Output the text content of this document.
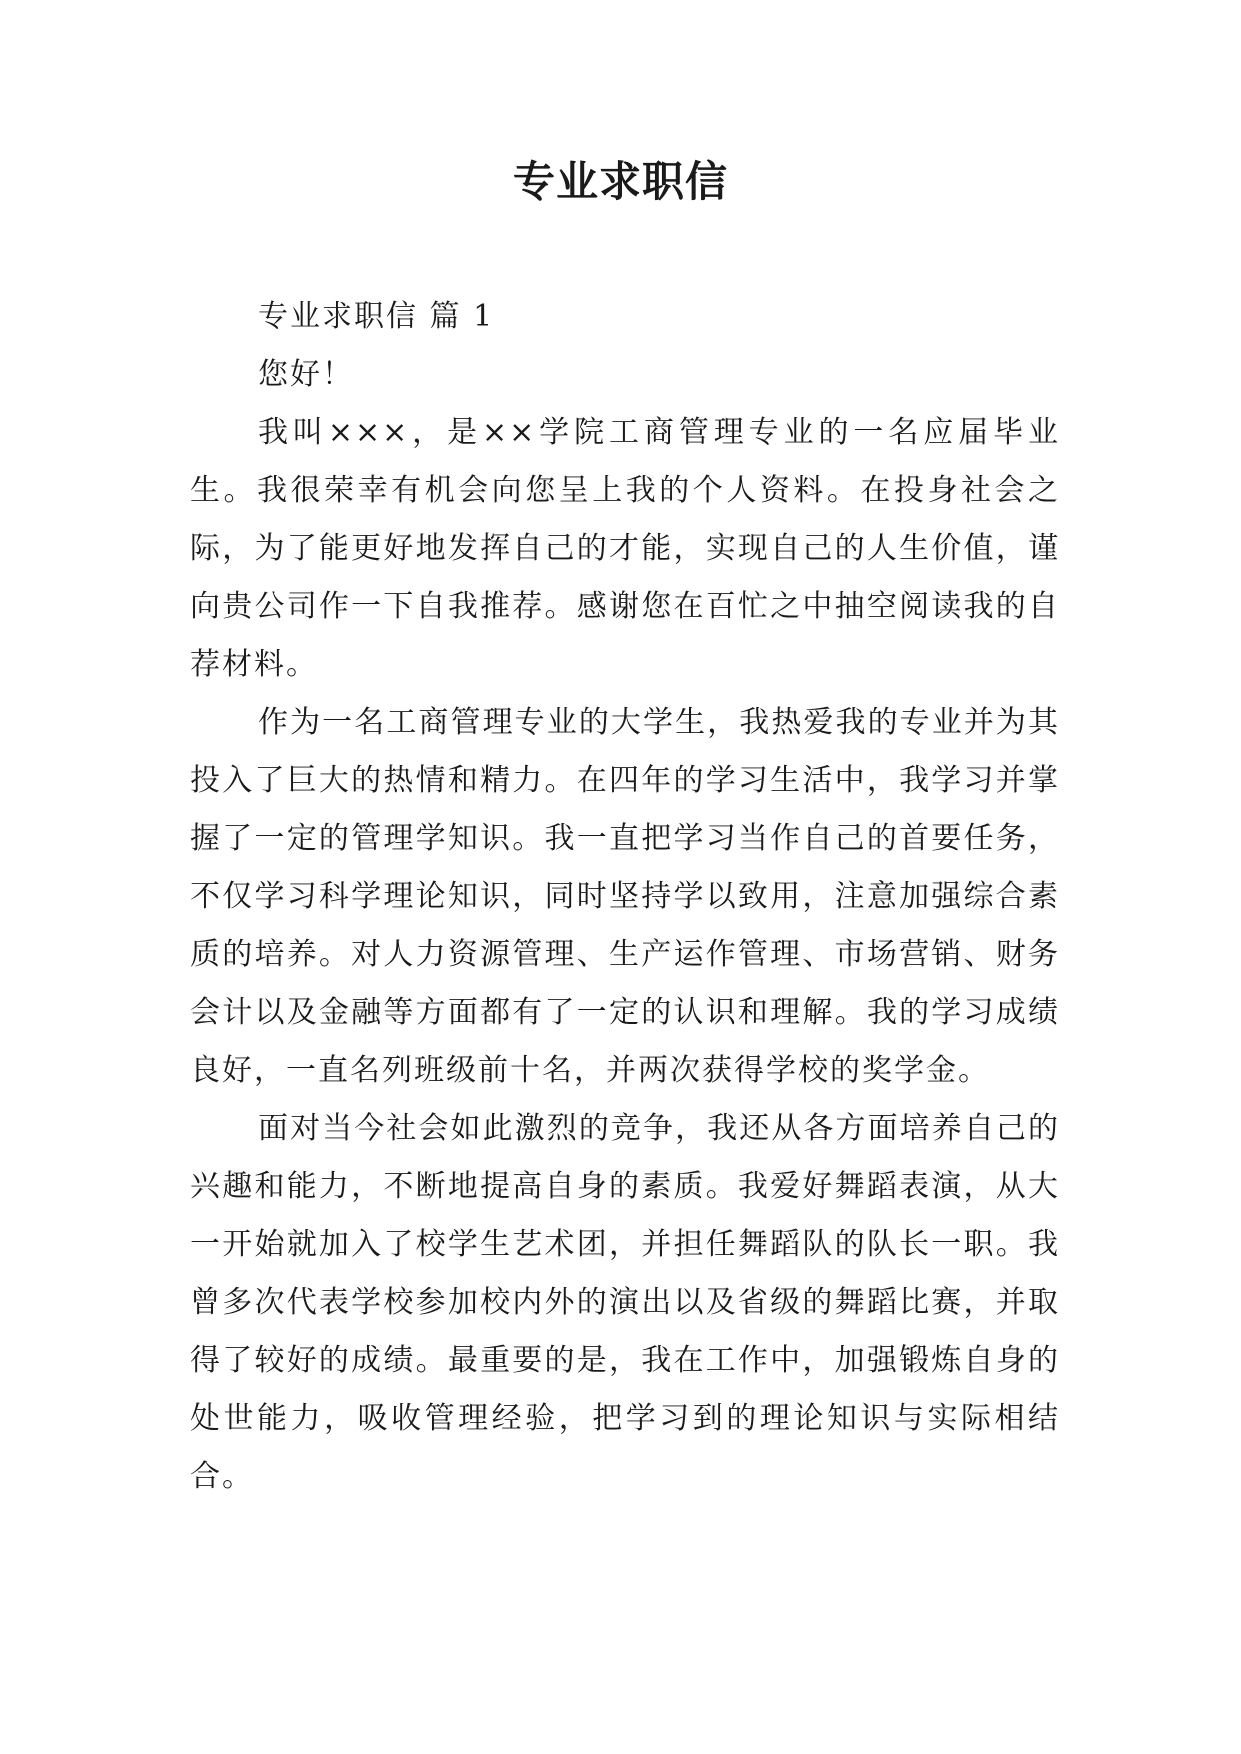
专业求职信

专业求职信 篇 1

您好！

我叫×××，是××学院工商管理专业的一名应届毕业生。我很荣幸有机会向您呈上我的个人资料。在投身社会之际，为了能更好地发挥自己的才能，实现自己的人生价值，谨向贵公司作一下自我推荐。感谢您在百忙之中抽空阅读我的自荐材料。

作为一名工商管理专业的大学生，我热爱我的专业并为其投入了巨大的热情和精力。在四年的学习生活中，我学习并掌握了一定的管理学知识。我一直把学习当作自己的首要任务，不仅学习科学理论知识，同时坚持学以致用，注意加强综合素质的培养。对人力资源管理、生产运作管理、市场营销、财务会计以及金融等方面都有了一定的认识和理解。我的学习成绩良好，一直名列班级前十名，并两次获得学校的奖学金。

面对当今社会如此激烈的竞争，我还从各方面培养自己的兴趣和能力，不断地提高自身的素质。我爱好舞蹈表演，从大一开始就加入了校学生艺术团，并担任舞蹈队的队长一职。我曾多次代表学校参加校内外的演出以及省级的舞蹈比赛，并取得了较好的成绩。最重要的是，我在工作中，加强锻炼自身的处世能力，吸收管理经验，把学习到的理论知识与实际相结合。
